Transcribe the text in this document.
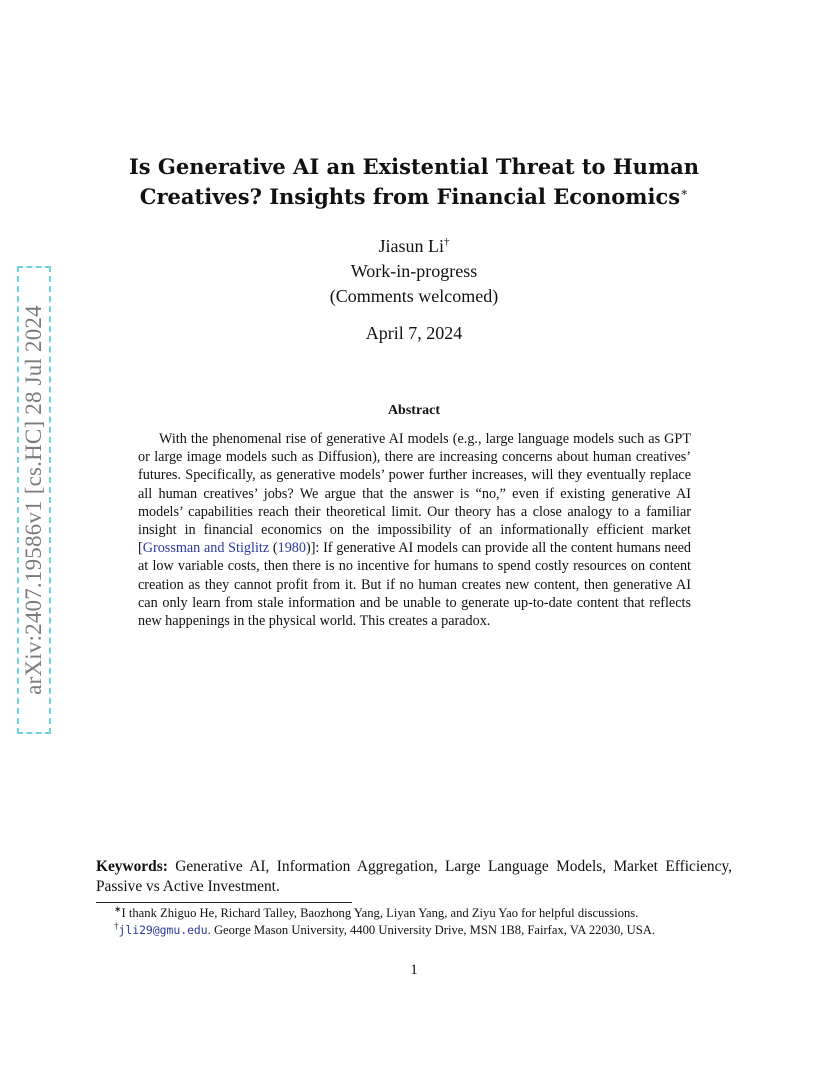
arXiv:2407.19586v1 [cs.HC] 28 Jul 2024
Is Generative AI an Existential Threat to Human
Creatives? Insights from Financial Economics∗
Jiasun Li†
Work-in-progress
(Comments welcomed)
April 7, 2024
Abstract
With the phenomenal rise of generative AI models (e.g., large language models such as GPT or large image models such as Diffusion), there are increasing concerns about human creatives’ futures. Specifically, as generative models’ power further increases, will they eventually replace all human creatives’ jobs? We argue that the answer is “no,” even if existing generative AI models’ capabilities reach their theoretical limit. Our theory has a close analogy to a familiar insight in financial economics on the impossibility of an informationally efficient market [Grossman and Stiglitz (1980)]: If generative AI models can provide all the content humans need at low variable costs, then there is no incentive for humans to spend costly resources on content creation as they cannot profit from it. But if no human creates new content, then generative AI can only learn from stale information and be unable to generate up-to-date content that reflects new happenings in the physical world. This creates a paradox.
Keywords: Generative AI, Information Aggregation, Large Language Models, Market Efficiency, Passive vs Active Investment.
∗I thank Zhiguo He, Richard Talley, Baozhong Yang, Liyan Yang, and Ziyu Yao for helpful discussions.
†jli29@gmu.edu. George Mason University, 4400 University Drive, MSN 1B8, Fairfax, VA 22030, USA.
1
